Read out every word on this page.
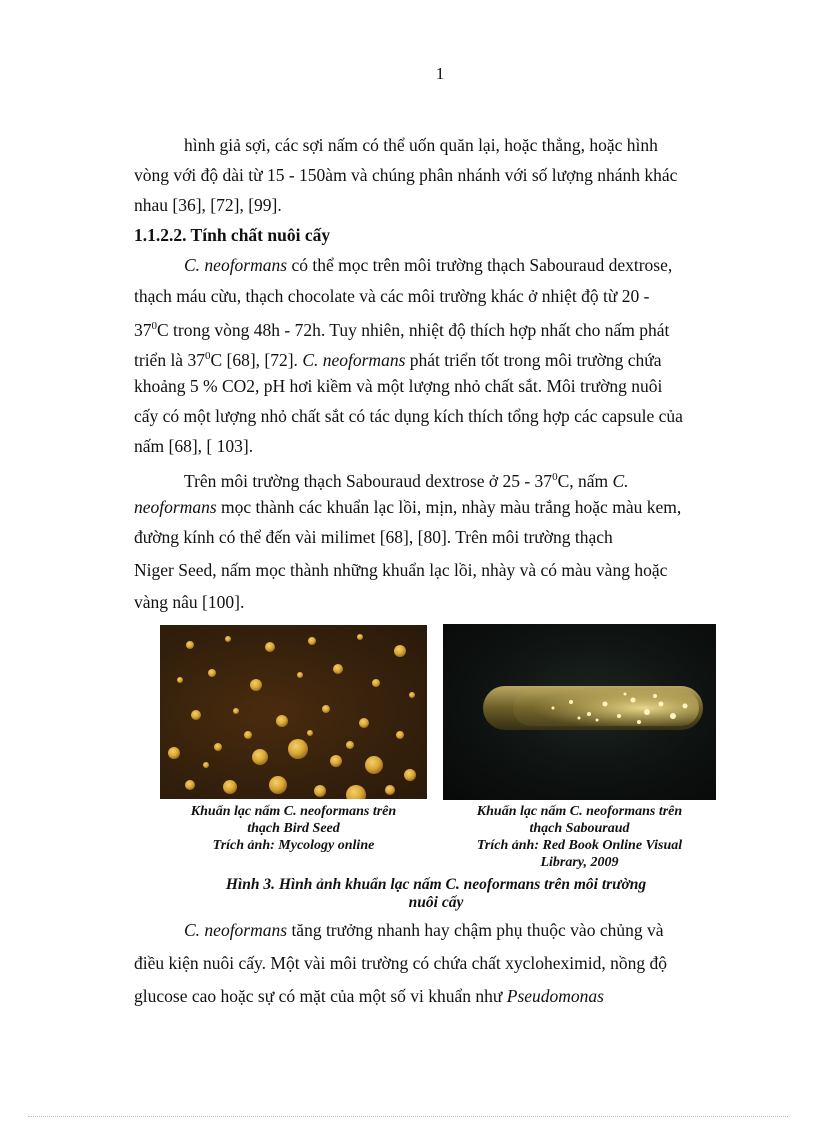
1

hình giả sợi, các sợi nấm có thể uốn quăn lại, hoặc thẳng, hoặc hình

vòng với độ dài từ 15 - 150àm và chúng phân nhánh với số lượng nhánh khác

nhau [36], [72], [99].

1.1.2.2. Tính chất nuôi cấy

C. neoformans có thể mọc trên môi trường thạch Sabouraud dextrose,

thạch máu cừu, thạch chocolate và các môi trường khác ở nhiệt độ từ 20 -

$37^0C$ trong vòng 48h - 72h. Tuy nhiên, nhiệt độ thích hợp nhất cho nấm phát

triển là $37^0C$ [68], [72]. C. neoformans phát triển tốt trong môi trường chứa

khoảng 5 % CO2, pH hơi kiềm và một lượng nhỏ chất sắt. Môi trường nuôi

cấy có một lượng nhỏ chất sắt có tác dụng kích thích tổng hợp các capsule của

nấm [68], [ 103].

Trên môi trường thạch Sabouraud dextrose ở $25 - 37^0C$, nấm C.

neoformans mọc thành các khuẩn lạc lồi, mịn, nhày màu trắng hoặc màu kem,

đường kính có thể đến vài milimet [68], [80]. Trên môi trường thạch

Niger Seed, nấm mọc thành những khuẩn lạc lồi, nhày và có màu vàng hoặc

vàng nâu [100].

Khuẩn lạc nấm C. neoformans trên
thạch Bird Seed
Trích ảnh: Mycology online
Khuẩn lạc nấm C. neoformans trên
thạch Sabouraud
Trích ảnh: Red Book Online Visual
Library, 2009
Hình 3. Hình ảnh khuẩn lạc nấm C. neoformans trên môi trường
nuôi cấy

C. neoformans tăng trưởng nhanh hay chậm phụ thuộc vào chủng và

điều kiện nuôi cấy. Một vài môi trường có chứa chất xycloheximid, nồng độ

glucose cao hoặc sự có mặt của một số vi khuẩn như Pseudomonas
